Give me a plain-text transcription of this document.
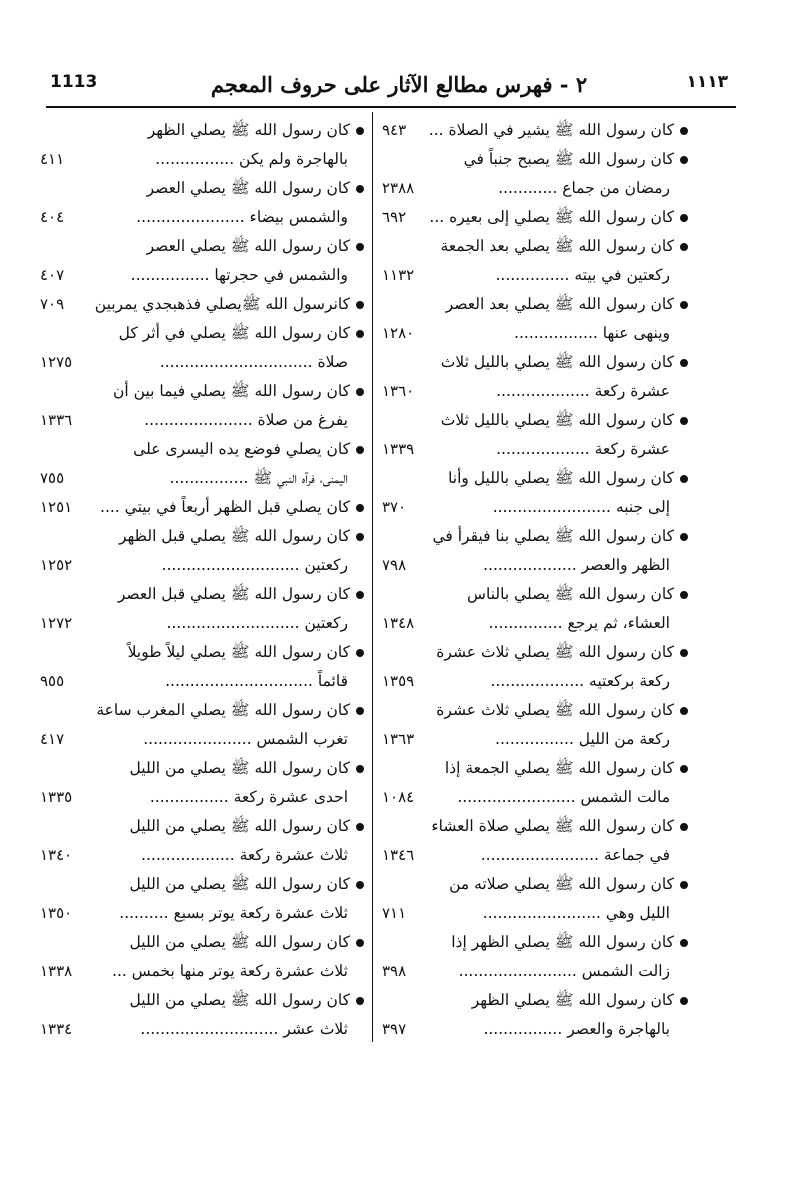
1113	٢ - فهرس مطالع الآثار على حروف المعجم	١١١٣
كان رسول الله ﷺ يشير في الصلاة ...
٩٤٣
كان رسول الله ﷺ يصبح جنباً في
رمضان من جماع ............
٢٣٨٨
كان رسول الله ﷺ يصلي إلى بعيره ...
٦٩٢
كان رسول الله ﷺ يصلي بعد الجمعة
ركعتين في بيته ...............
١١٣٢
كان رسول الله ﷺ يصلي بعد العصر
وينهى عنها .................
١٢٨٠
كان رسول الله ﷺ يصلي بالليل ثلاث
عشرة ركعة ...................
١٣٦٠
كان رسول الله ﷺ يصلي بالليل ثلاث
عشرة ركعة ...................
١٣٣٩
كان رسول الله ﷺ يصلي بالليل وأنا
إلى جنبه ........................
٣٧٠
كان رسول الله ﷺ يصلي بنا فيقرأ في
الظهر والعصر ...................
٧٩٨
كان رسول الله ﷺ يصلي بالناس
العشاء، ثم يرجع ...............
١٣٤٨
كان رسول الله ﷺ يصلي ثلاث عشرة
ركعة بركعتيه ...................
١٣٥٩
كان رسول الله ﷺ يصلي ثلاث عشرة
ركعة من الليل ................
١٣٦٣
كان رسول الله ﷺ يصلي الجمعة إذا
مالت الشمس ........................
١٠٨٤
كان رسول الله ﷺ يصلي صلاة العشاء
في جماعة ........................
١٣٤٦
كان رسول الله ﷺ يصلي صلاته من
الليل وهي ........................
٧١١
كان رسول الله ﷺ يصلي الظهر إذا
زالت الشمس ........................
٣٩٨
كان رسول الله ﷺ يصلي الظهر
بالهاجرة والعصر ................
٣٩٧
كان رسول الله ﷺ يصلي الظهر
بالهاجرة ولم يكن ................
٤١١
كان رسول الله ﷺ يصلي العصر
والشمس بيضاء ......................
٤٠٤
كان رسول الله ﷺ يصلي العصر
والشمس في حجرتها ................
٤٠٧
كانرسول الله ﷺيصلي فذهبجدي يمربين
٧٠٩
كان رسول الله ﷺ يصلي في أثر كل
صلاة ...............................
١٢٧٥
كان رسول الله ﷺ يصلي فيما بين أن
يفرغ من صلاة ......................
١٣٣٦
كان يصلي فوضع يده اليسرى على
اليمنى، فرآه النبي ﷺ ................
٧٥٥
كان يصلي قبل الظهر أربعاً في بيتي ....
١٢٥١
كان رسول الله ﷺ يصلي قبل الظهر
ركعتين ............................
١٢٥٢
كان رسول الله ﷺ يصلي قبل العصر
ركعتين ...........................
١٢٧٢
كان رسول الله ﷺ يصلي ليلاً طويلاً
قائماً ..............................
٩٥٥
كان رسول الله ﷺ يصلي المغرب ساعة
تغرب الشمس ......................
٤١٧
كان رسول الله ﷺ يصلي من الليل
احدى عشرة ركعة ................
١٣٣٥
كان رسول الله ﷺ يصلي من الليل
ثلاث عشرة ركعة ...................
١٣٤٠
كان رسول الله ﷺ يصلي من الليل
ثلاث عشرة ركعة يوتر بسبع ..........
١٣٥٠
كان رسول الله ﷺ يصلي من الليل
ثلاث عشرة ركعة يوتر منها بخمس ...
١٣٣٨
كان رسول الله ﷺ يصلي من الليل
ثلاث عشر ............................
١٣٣٤
